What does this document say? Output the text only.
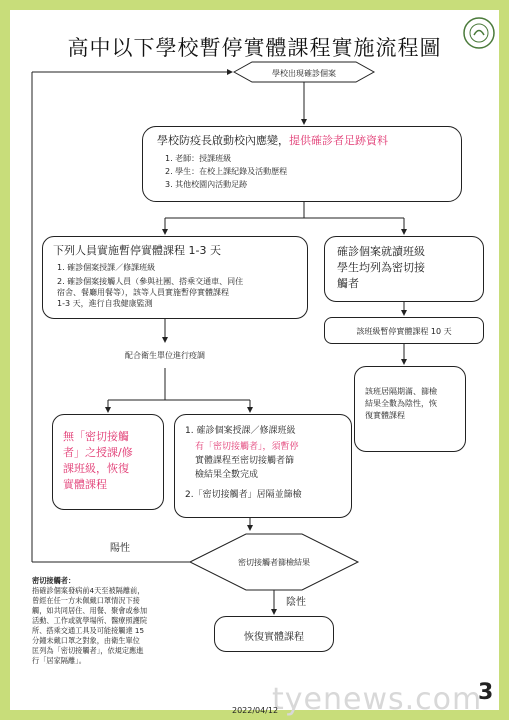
高中以下學校暫停實體課程實施流程圖
學校出現確診個案
學校防疫長啟動校內應變，提供確診者足跡資料
1. 老師：授課班級
2. 學生：在校上課紀錄及活動歷程
3. 其他校園內活動足跡
下列人員實施暫停實體課程 1-3 天
1. 確診個案授課／修課班級
2. 確診個案接觸人員（參與社團、搭乘交通車、同住
宿舍、餐廳用餐等），該等人員實施暫停實體課程
1-3 天，進行自我健康監測
確診個案就讀班級
學生均列為密切接
觸者
該班級暫停實體課程 10 天
該班居隔期滿、篩檢
結果全數為陰性，恢
復實體課程
配合衛生單位進行疫調
無「密切接觸
者」之授課/修
課班級，恢復
實體課程
1. 確診個案授課／修課班級
有「密切接觸者」，須暫停
實體課程至密切接觸者篩
檢結果全數完成
2.「密切接觸者」居隔並篩檢
密切接觸者篩檢結果
陽性
陰性
恢復實體課程
密切接觸者：
指確診個案發病前4天至被隔離前，
曾經在任一方未佩戴口罩情況下接
觸，如共同居住、用餐、聚會或參加
活動、工作或就學場所、醫療照護院
所、搭乘交通工具及可能接觸達 15
分鐘未戴口罩之對象，由衛生單位
匡列為「密切接觸者」，依規定應進
行「居家隔離」。
tyenews.com
3
2022/04/12
